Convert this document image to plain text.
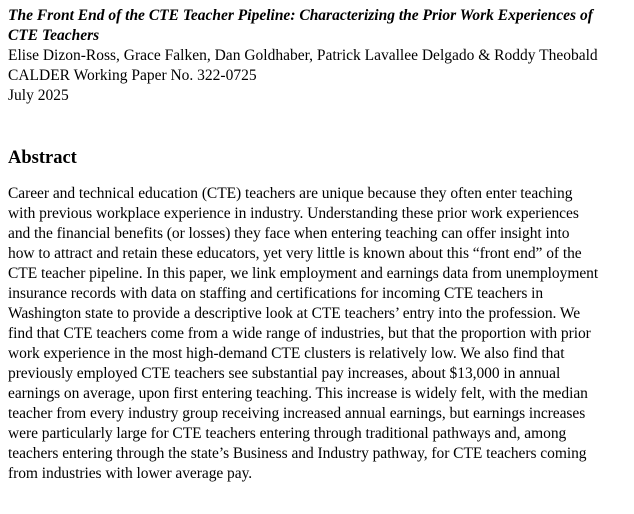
The Front End of the CTE Teacher Pipeline: Characterizing the Prior Work Experiences of CTE Teachers

Elise Dizon-Ross, Grace Falken, Dan Goldhaber, Patrick Lavallee Delgado & Roddy Theobald

CALDER Working Paper No. 322-0725

July 2025

Abstract

Career and technical education (CTE) teachers are unique because they often enter teaching
with previous workplace experience in industry. Understanding these prior work experiences
and the financial benefits (or losses) they face when entering teaching can offer insight into
how to attract and retain these educators, yet very little is known about this “front end” of the
CTE teacher pipeline. In this paper, we link employment and earnings data from unemployment
insurance records with data on staffing and certifications for incoming CTE teachers in
Washington state to provide a descriptive look at CTE teachers’ entry into the profession. We
find that CTE teachers come from a wide range of industries, but that the proportion with prior
work experience in the most high-demand CTE clusters is relatively low. We also find that
previously employed CTE teachers see substantial pay increases, about $13,000 in annual
earnings on average, upon first entering teaching. This increase is widely felt, with the median
teacher from every industry group receiving increased annual earnings, but earnings increases
were particularly large for CTE teachers entering through traditional pathways and, among
teachers entering through the state’s Business and Industry pathway, for CTE teachers coming
from industries with lower average pay.
